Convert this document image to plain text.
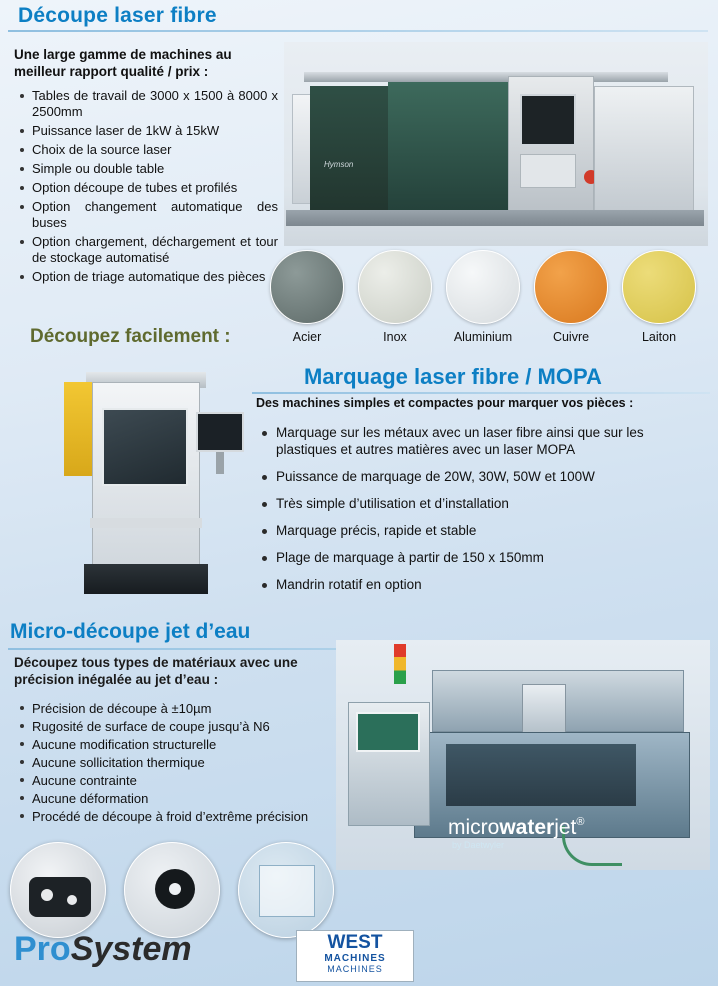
Découpe laser fibre
Une large gamme de machines au meilleur rapport qualité / prix :
Tables de travail de 3000 x 1500 à 8000 x 2500mm
Puissance laser de 1kW à 15kW
Choix de la source laser
Simple ou double table
Option découpe de tubes et profilés
Option changement automatique des buses
Option chargement, déchargement et tour de stockage automatisé
Option de triage automatique des pièces
Hymson
Acier	Inox	Aluminium	Cuivre	Laiton
Découpez facilement :
Marquage laser fibre / MOPA
Des machines simples et compactes pour marquer vos pièces :
Marquage sur les métaux avec un laser fibre ainsi que sur les plastiques et autres matières avec un laser MOPA
Puissance de marquage de 20W, 30W, 50W et 100W
Très simple d’utilisation et d’installation
Marquage précis, rapide et stable
Plage de marquage à partir de 150 x 150mm
Mandrin rotatif en option
Micro-découpe jet d’eau
Découpez tous types de matériaux avec une précision inégalée au jet d’eau :
Précision de découpe à ±10µm
Rugosité de surface de coupe jusqu’à N6
Aucune modification structurelle
Aucune sollicitation thermique
Aucune contrainte
Aucune déformation
Procédé de découpe à froid d’extrême précision	microwaterjet®
by Daetwyler
ProSystem	WEST
MACHINES
MACHINES
